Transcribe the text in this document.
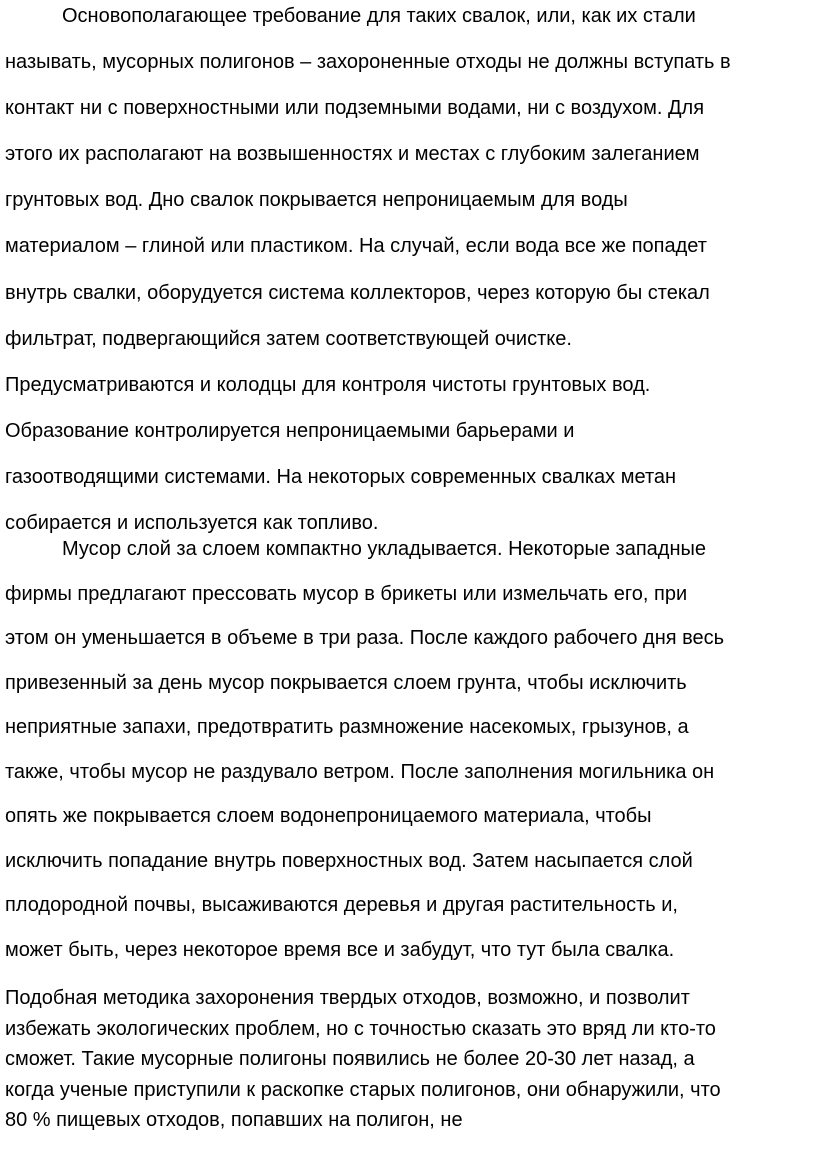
Основополагающее требование для таких свалок, или, как их стали
называть, мусорных полигонов – захороненные отходы не должны вступать в
контакт ни с поверхностными или подземными водами, ни с воздухом. Для
этого их располагают на возвышенностях и местах с глубоким залеганием
грунтовых вод. Дно свалок покрывается непроницаемым для воды
материалом – глиной или пластиком. На случай, если вода все же попадет
внутрь свалки, оборудуется система коллекторов, через которую бы стекал
фильтрат, подвергающийся затем соответствующей очистке.
Предусматриваются и колодцы для контроля чистоты грунтовых вод.
Образование контролируется непроницаемыми барьерами и
газоотводящими системами. На некоторых современных свалках метан
собирается и используется как топливо.
Мусор слой за слоем компактно укладывается. Некоторые западные
фирмы предлагают прессовать мусор в брикеты или измельчать его, при
этом он уменьшается в объеме в три раза. После каждого рабочего дня весь
привезенный за день мусор покрывается слоем грунта, чтобы исключить
неприятные запахи, предотвратить размножение насекомых, грызунов, а
также, чтобы мусор не раздувало ветром. После заполнения могильника он
опять же покрывается слоем водонепроницаемого материала, чтобы
исключить попадание внутрь поверхностных вод. Затем насыпается слой
плодородной почвы, высаживаются деревья и другая растительность и,
может быть, через некоторое время все и забудут, что тут была свалка.
Подобная методика захоронения твердых отходов, возможно, и позволит
избежать экологических проблем, но с точностью сказать это вряд ли кто-то
сможет. Такие мусорные полигоны появились не более 20-30 лет назад, а
когда ученые приступили к раскопке старых полигонов, они обнаружили, что
80 % пищевых отходов, попавших на полигон, не
